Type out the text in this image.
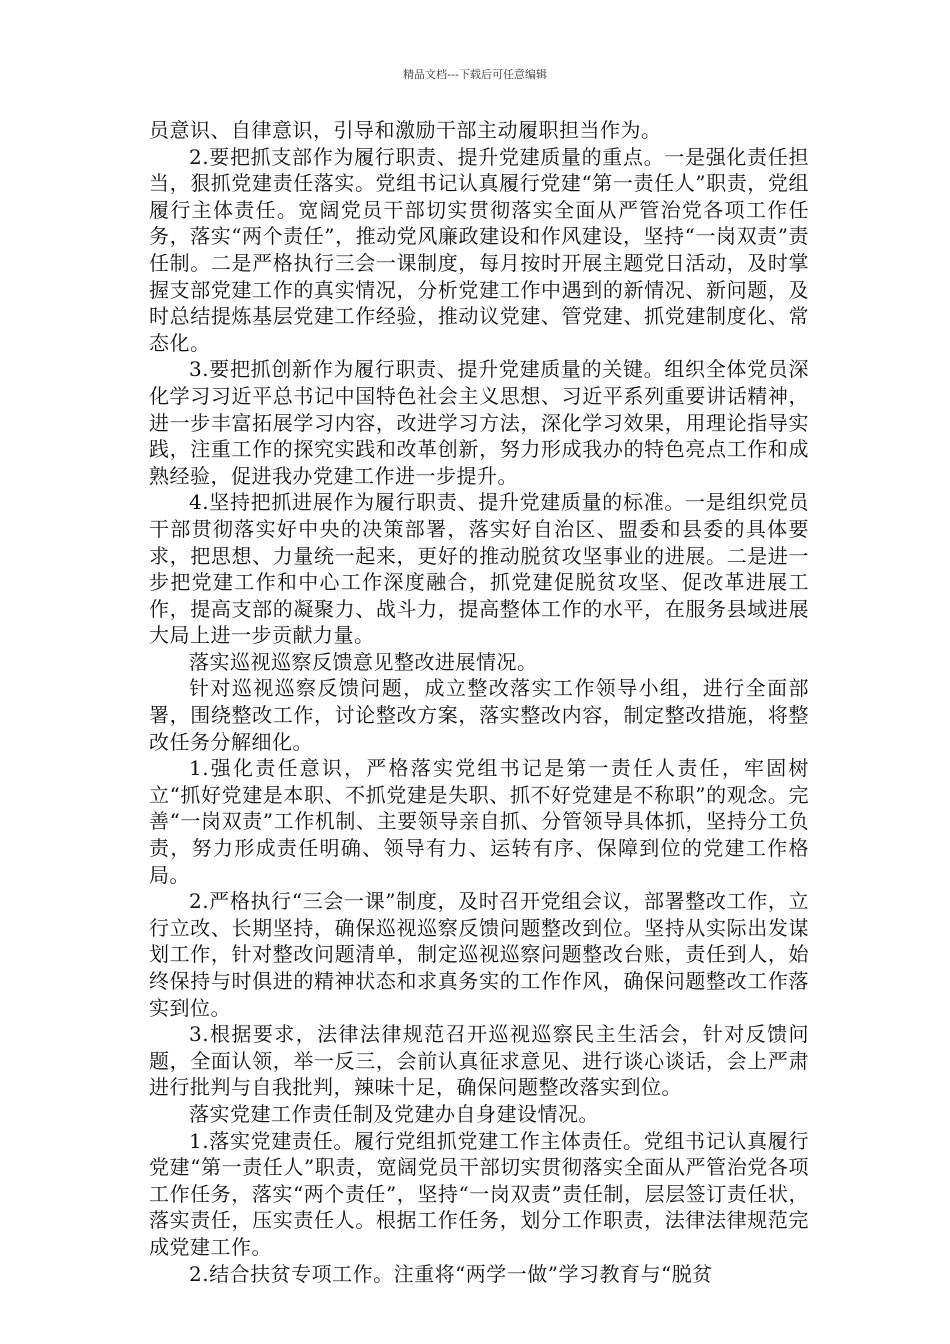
精品文档---下载后可任意编辑

员意识、自律意识，引导和激励干部主动履职担当作为。

2.要把抓支部作为履行职责、提升党建质量的重点。一是强化责任担当，狠抓党建责任落实。党组书记认真履行党建“第一责任人”职责，党组履行主体责任。宽阔党员干部切实贯彻落实全面从严管治党各项工作任务，落实“两个责任”，推动党风廉政建设和作风建设，坚持“一岗双责”责任制。二是严格执行三会一课制度，每月按时开展主题党日活动，及时掌握支部党建工作的真实情况，分析党建工作中遇到的新情况、新问题，及时总结提炼基层党建工作经验，推动议党建、管党建、抓党建制度化、常态化。

3.要把抓创新作为履行职责、提升党建质量的关键。组织全体党员深化学习习近平总书记中国特色社会主义思想、习近平系列重要讲话精神，进一步丰富拓展学习内容，改进学习方法，深化学习效果，用理论指导实践，注重工作的探究实践和改革创新，努力形成我办的特色亮点工作和成熟经验，促进我办党建工作进一步提升。

4.坚持把抓进展作为履行职责、提升党建质量的标准。一是组织党员干部贯彻落实好中央的决策部署，落实好自治区、盟委和县委的具体要求，把思想、力量统一起来，更好的推动脱贫攻坚事业的进展。二是进一步把党建工作和中心工作深度融合，抓党建促脱贫攻坚、促改革进展工作，提高支部的凝聚力、战斗力，提高整体工作的水平，在服务县域进展大局上进一步贡献力量。

落实巡视巡察反馈意见整改进展情况。

针对巡视巡察反馈问题，成立整改落实工作领导小组，进行全面部署，围绕整改工作，讨论整改方案，落实整改内容，制定整改措施，将整改任务分解细化。

1.强化责任意识，严格落实党组书记是第一责任人责任，牢固树立“抓好党建是本职、不抓党建是失职、抓不好党建是不称职”的观念。完善“一岗双责”工作机制、主要领导亲自抓、分管领导具体抓，坚持分工负责，努力形成责任明确、领导有力、运转有序、保障到位的党建工作格局。

2.严格执行“三会一课”制度，及时召开党组会议，部署整改工作，立行立改、长期坚持，确保巡视巡察反馈问题整改到位。坚持从实际出发谋划工作，针对整改问题清单，制定巡视巡察问题整改台账，责任到人，始终保持与时俱进的精神状态和求真务实的工作作风，确保问题整改工作落实到位。

3.根据要求，法律法律规范召开巡视巡察民主生活会，针对反馈问题，全面认领，举一反三，会前认真征求意见、进行谈心谈话，会上严肃进行批判与自我批判，辣味十足，确保问题整改落实到位。

落实党建工作责任制及党建办自身建设情况。

1.落实党建责任。履行党组抓党建工作主体责任。党组书记认真履行党建“第一责任人”职责，宽阔党员干部切实贯彻落实全面从严管治党各项工作任务，落实“两个责任”，坚持“一岗双责”责任制，层层签订责任状，落实责任，压实责任人。根据工作任务，划分工作职责，法律法律规范完成党建工作。

2.结合扶贫专项工作。注重将“两学一做”学习教育与“脱贫
